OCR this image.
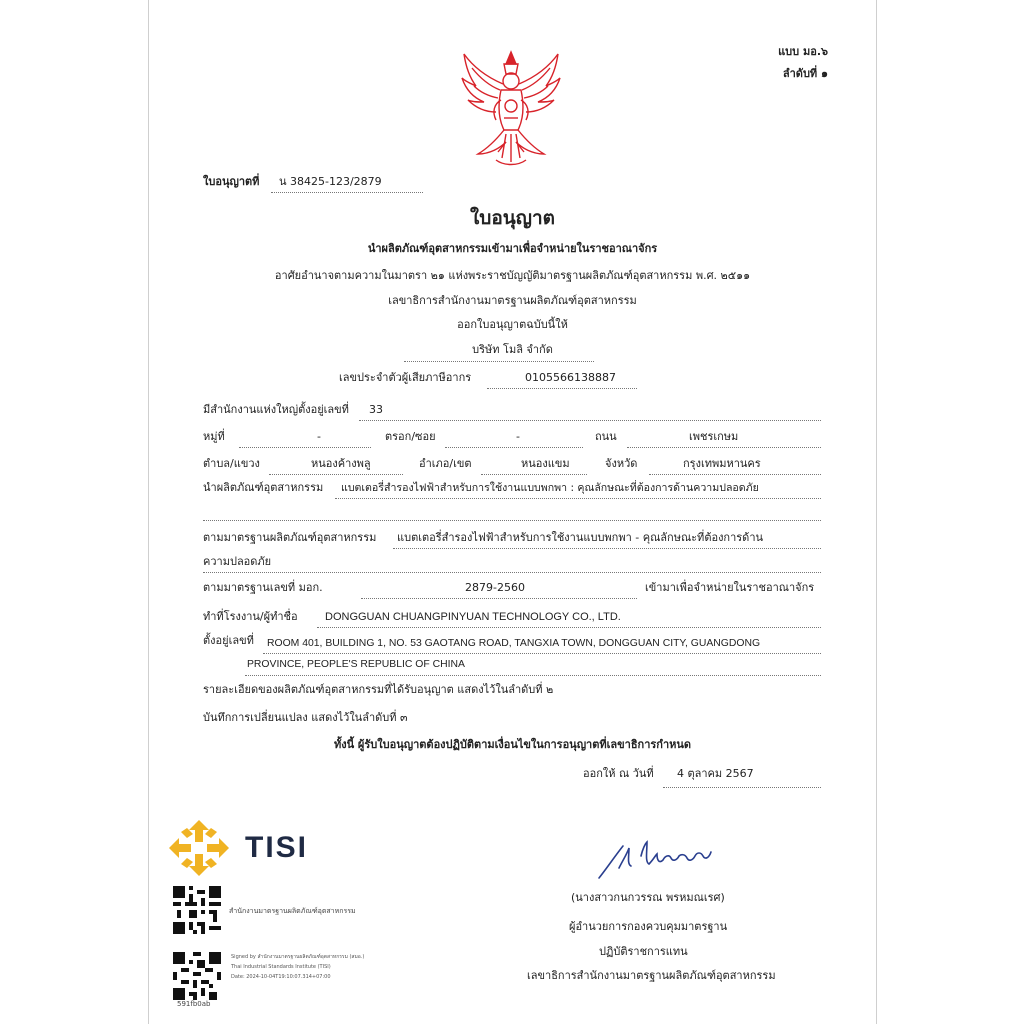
แบบ มอ.๖
ลำดับที่ ๑
ใบอนุญาตที่ น 38425-123/2879
ใบอนุญาต
นำผลิตภัณฑ์อุตสาหกรรมเข้ามาเพื่อจำหน่ายในราชอาณาจักร
อาศัยอำนาจตามความในมาตรา ๒๑ แห่งพระราชบัญญัติมาตรฐานผลิตภัณฑ์อุตสาหกรรม พ.ศ. ๒๕๑๑
เลขาธิการสำนักงานมาตรฐานผลิตภัณฑ์อุตสาหกรรม
ออกใบอนุญาตฉบับนี้ให้
บริษัท โมลิ จำกัด
เลขประจำตัวผู้เสียภาษีอากร	0105566138887
มีสำนักงานแห่งใหญ่ตั้งอยู่เลขที่ 33
หมู่ที่	-	ตรอก/ซอย	-	ถนน	เพชรเกษม
ตำบล/แขวง	หนองค้างพลู	อำเภอ/เขต	หนองแขม	จังหวัด	กรุงเทพมหานคร
นำผลิตภัณฑ์อุตสาหกรรม แบตเตอรี่สำรองไฟฟ้าสำหรับการใช้งานแบบพกพา : คุณลักษณะที่ต้องการด้านความปลอดภัย
ตามมาตรฐานผลิตภัณฑ์อุตสาหกรรม แบตเตอรี่สำรองไฟฟ้าสำหรับการใช้งานแบบพกพา - คุณลักษณะที่ต้องการด้าน
ความปลอดภัย
ตามมาตรฐานเลขที่ มอก.	2879-2560	เข้ามาเพื่อจำหน่ายในราชอาณาจักร
ทำที่โรงงาน/ผู้ทำชื่อ DONGGUAN CHUANGPINYUAN TECHNOLOGY CO., LTD.
ตั้งอยู่เลขที่ ROOM 401, BUILDING 1, NO. 53 GAOTANG ROAD, TANGXIA TOWN, DONGGUAN CITY, GUANGDONG
PROVINCE, PEOPLE'S REPUBLIC OF CHINA
รายละเอียดของผลิตภัณฑ์อุตสาหกรรมที่ได้รับอนุญาต แสดงไว้ในลำดับที่ ๒
บันทึกการเปลี่ยนแปลง แสดงไว้ในลำดับที่ ๓
ทั้งนี้ ผู้รับใบอนุญาตต้องปฏิบัติตามเงื่อนไขในการอนุญาตที่เลขาธิการกำหนด
ออกให้ ณ วันที่ 4 ตุลาคม 2567
TISI
สำนักงานมาตรฐานผลิตภัณฑ์อุตสาหกรรม
Signed by สำนักงานมาตรฐานผลิตภัณฑ์อุตสาหกรรม (สมอ.)
Thai Industrial Standards Institute (TISI)
Date: 2024-10-04T19:10:07.314+07:00
591fb0ab
(นางสาวกนกวรรณ พรหมณเรศ)
ผู้อำนวยการกองควบคุมมาตรฐาน
ปฏิบัติราชการแทน
เลขาธิการสำนักงานมาตรฐานผลิตภัณฑ์อุตสาหกรรม
